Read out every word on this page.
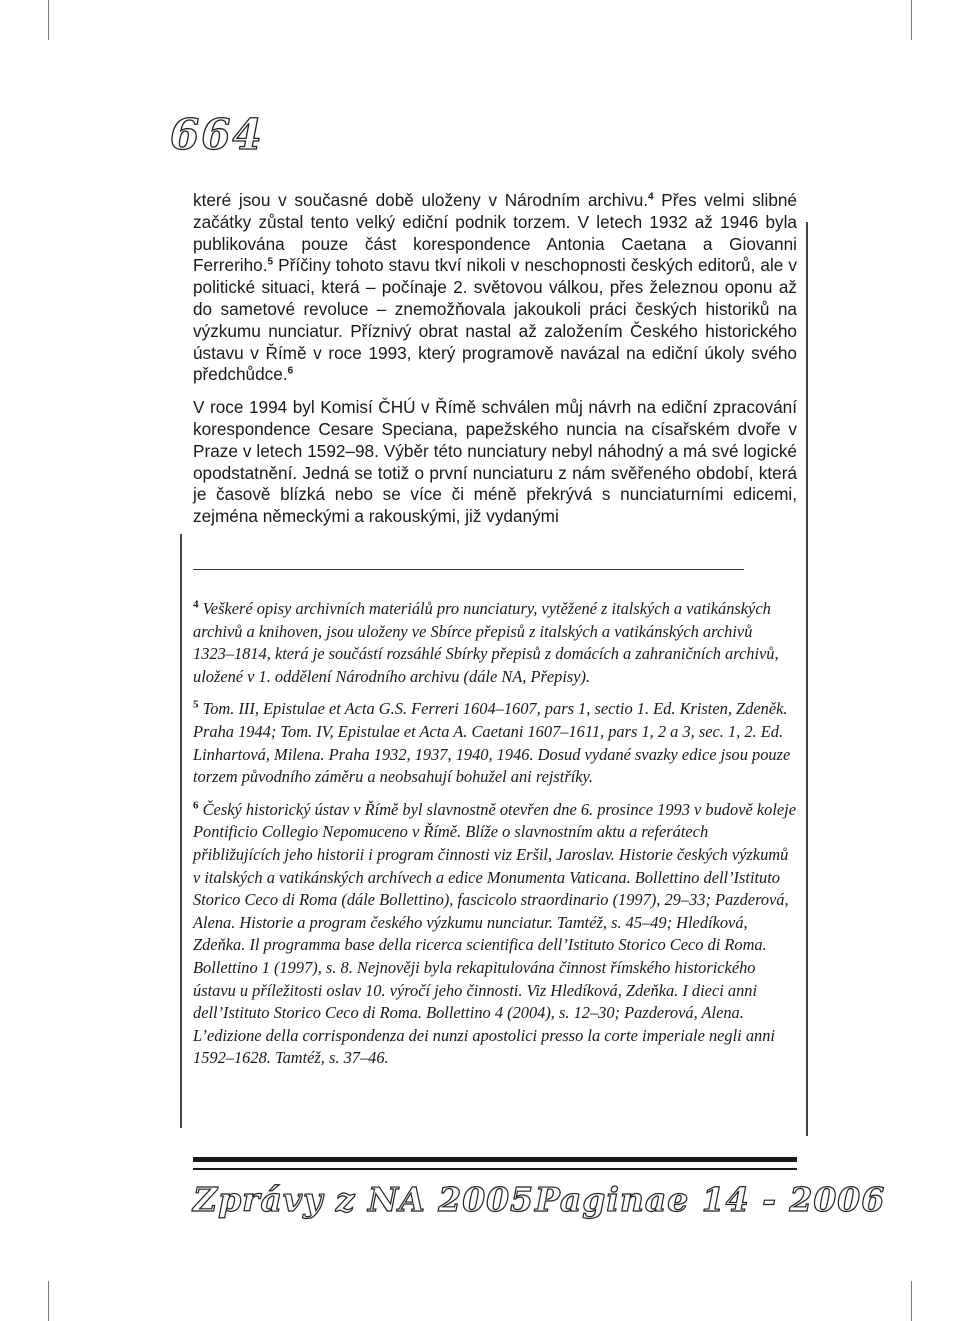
664

které jsou v současné době uloženy v Národním archivu.$^4$ Přes velmi slibné začátky zůstal tento velký ediční podnik torzem. V letech 1932 až 1946 byla publikována pouze část korespondence Antonia Caetana a Giovanni Ferreriho.$^5$ Příčiny tohoto stavu tkví nikoli v neschopnosti českých editorů, ale v politické situaci, která – počínaje 2. světovou válkou, přes železnou oponu až do sametové revoluce – znemožňovala jakoukoli práci českých historiků na výzkumu nunciatur. Příznivý obrat nastal až založením Českého historického ústavu v Římě v roce 1993, který programově navázal na ediční úkoly svého předchůdce.$^6$

V roce 1994 byl Komisí ČHÚ v Římě schválen můj návrh na ediční zpracování korespondence Cesare Speciana, papežského nuncia na císařském dvoře v Praze v letech 1592–98. Výběr této nunciatury nebyl náhodný a má své logické opodstatnění. Jedná se totiž o první nunciaturu z nám svěřeného období, která je časově blízká nebo se více či méně překrývá s nunciaturními edicemi, zejména německými a rakouskými, již vydanými

$^4$ Veškeré opisy archivních materiálů pro nunciatury, vytěžené z italských a vatikánských archivů a knihoven, jsou uloženy ve Sbírce přepisů z italských a vatikánských archivů 1323–1814, která je součástí rozsáhlé Sbírky přepisů z domácích a zahraničních archivů, uložené v 1. oddělení Národního archivu (dále NA, Přepisy).
$^5$ Tom. III, Epistulae et Acta G.S. Ferreri 1604–1607, pars 1, sectio 1. Ed. Kristen, Zdeněk. Praha 1944; Tom. IV, Epistulae et Acta A. Caetani 1607–1611, pars 1, 2 a 3, sec. 1, 2. Ed. Linhartová, Milena. Praha 1932, 1937, 1940, 1946. Dosud vydané svazky edice jsou pouze torzem původního záměru a neobsahují bohužel ani rejstříky.
$^6$ Český historický ústav v Římě byl slavnostně otevřen dne 6. prosince 1993 v budově koleje Pontificio Collegio Nepomuceno v Římě. Blíže o slavnostním aktu a referátech přibližujících jeho historii i program činnosti viz Eršil, Jaroslav. Historie českých výzkumů v italských a vatikánských archívech a edice Monumenta Vaticana. Bollettino dell’Istituto Storico Ceco di Roma (dále Bollettino), fascicolo straordinario (1997), 29–33; Pazderová, Alena. Historie a program českého výzkumu nunciatur. Tamtéž, s. 45–49; Hledíková, Zdeňka. Il programma base della ricerca scientifica dell’Istituto Storico Ceco di Roma. Bollettino 1 (1997), s. 8. Nejnověji byla rekapitulována činnost římského historického ústavu u příležitosti oslav 10. výročí jeho činnosti. Viz Hledíková, Zdeňka. I dieci anni dell’Istituto Storico Ceco di Roma. Bollettino 4 (2004), s. 12–30; Pazderová, Alena. L’edizione della corrispondenza dei nunzi apostolici presso la corte imperiale negli anni 1592–1628. Tamtéž, s. 37–46.
Zprávy z NA 2005 Paginae 14 - 2006
